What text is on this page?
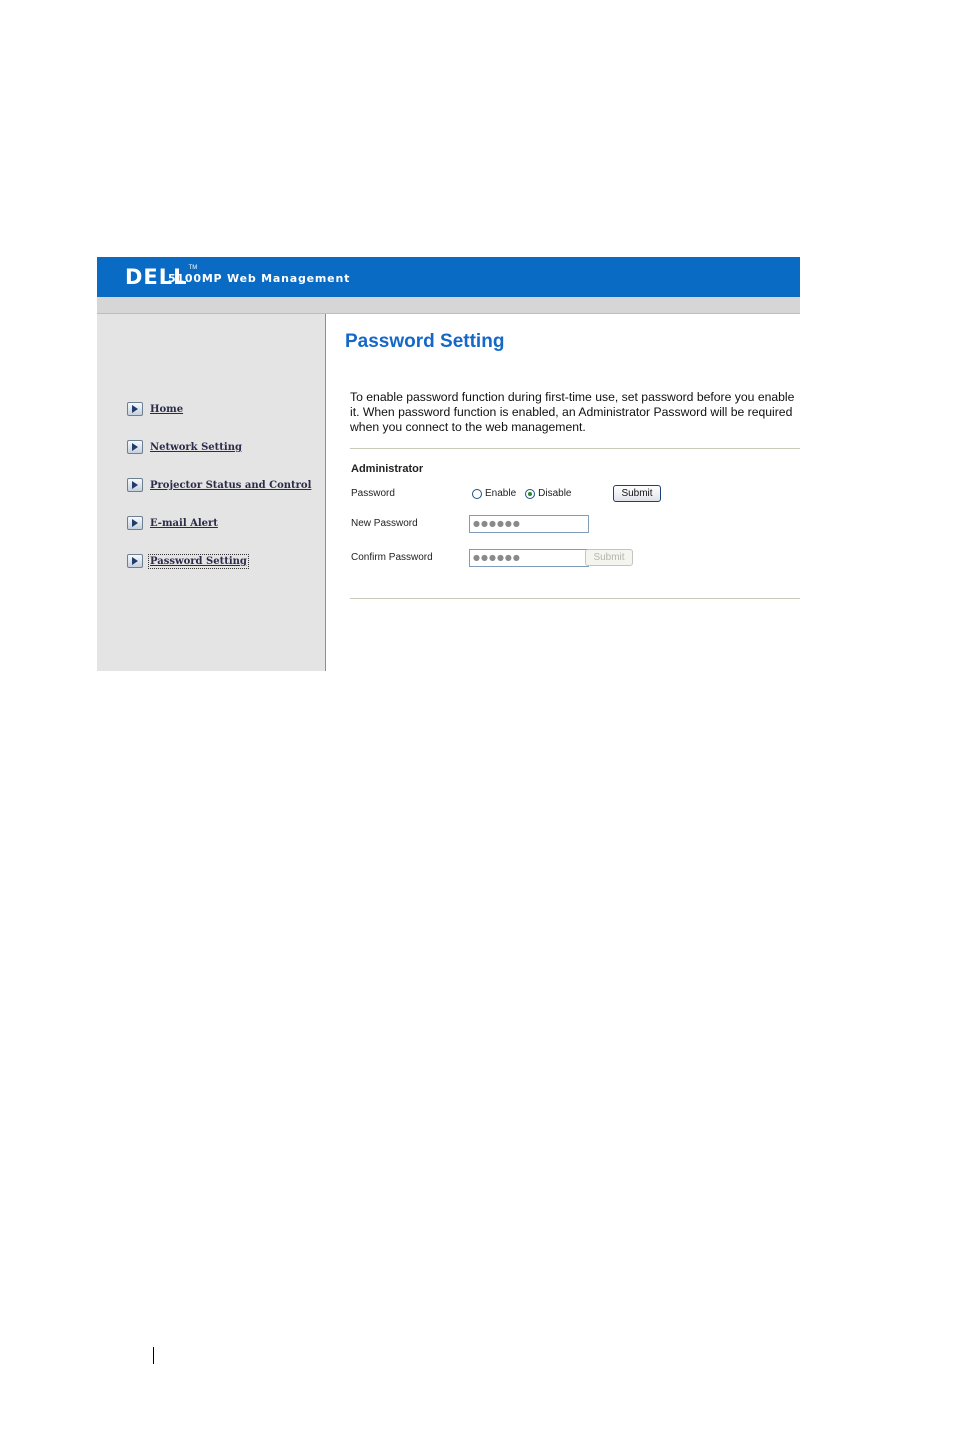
DELL TM
5100MP Web Management
Home
Network Setting
Projector Status and Control
E-mail Alert
Password Setting
Password Setting
To enable password function during first-time use, set password before you enable it. When password function is enabled, an Administrator Password will be required when you connect to the web management.
Administrator
Password	Enable Disable	Submit
New Password	●●●●●●
Confirm Password	●●●●●●	Submit
